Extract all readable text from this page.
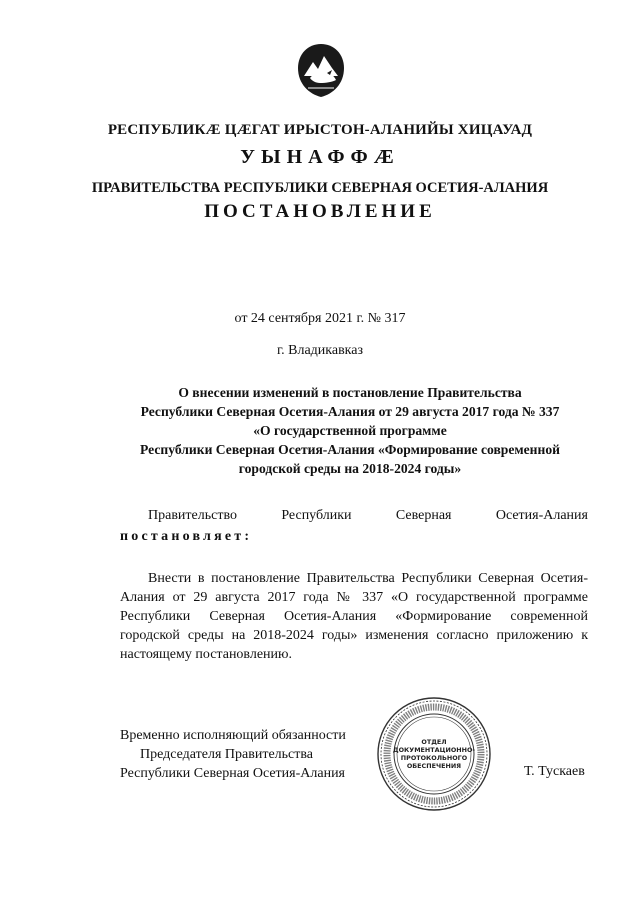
РЕСПУБЛИКӔ ЦӔГАТ ИРЫСТОН-АЛАНИЙЫ ХИЦАУАД
УЫНАФФӔ
ПРАВИТЕЛЬСТВА РЕСПУБЛИКИ СЕВЕРНАЯ ОСЕТИЯ-АЛАНИЯ
ПОСТАНОВЛЕНИЕ
от 24 сентября 2021 г. № 317
г. Владикавказ
О внесении изменений в постановление Правительства
Республики Северная Осетия-Алания от 29 августа 2017 года № 337
«О государственной программе
Республики Северная Осетия-Алания «Формирование современной
городской среды на 2018-2024 годы»
Правительство	Республики	Северная	Осетия-Алания
постановляет:
Внести в постановление Правительства Республики Северная Осетия-
Алания от 29 августа 2017 года № 337 «О государственной программе
Республики Северная Осетия-Алания «Формирование современной
городской среды на 2018-2024 годы» изменения согласно приложению к
настоящему постановлению.
Временно исполняющий обязанности
Председателя Правительства
Республики Северная Осетия-Алания
ОТДЕЛ
ДОКУМЕНТАЦИОННО-
ПРОТОКОЛЬНОГО
ОБЕСПЕЧЕНИЯ	Т. Тускаев
